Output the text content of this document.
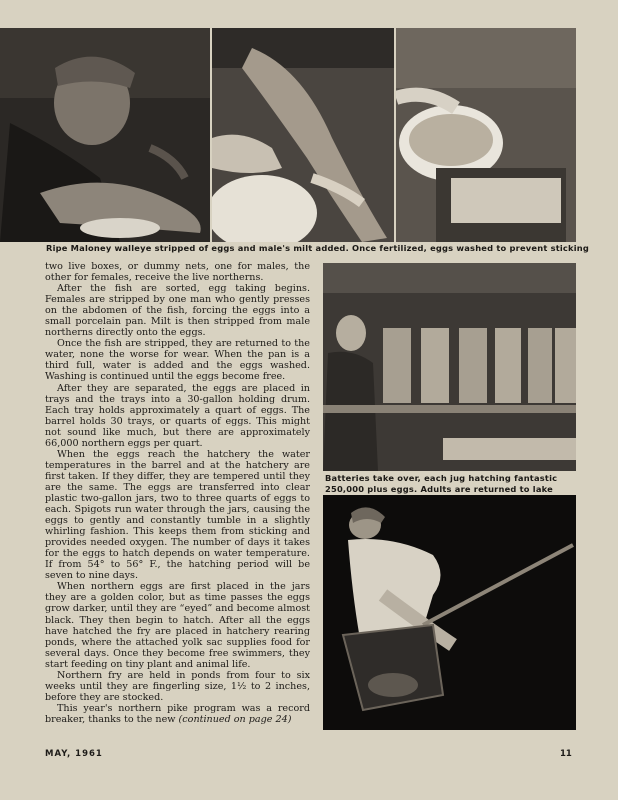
Ripe Maloney walleye stripped of eggs and male's milt added. Once fertilized, eggs washed to prevent sticking

two live boxes, or dummy nets, one for males, the other for females, receive the live northerns.

After the fish are sorted, egg taking begins. Females are stripped by one man who gently presses on the abdomen of the fish, forcing the eggs into a small porcelain pan. Milt is then stripped from male northerns directly onto the eggs.

Once the fish are stripped, they are returned to the water, none the worse for wear. When the pan is a third full, water is added and the eggs washed. Washing is continued until the eggs become free.

After they are separated, the eggs are placed in trays and the trays into a 30-gallon holding drum. Each tray holds approximately a quart of eggs. The barrel holds 30 trays, or quarts of eggs. This might not sound like much, but there are approximately 66,000 northern eggs per quart.

When the eggs reach the hatchery the water temperatures in the barrel and at the hatchery are first taken. If they differ, they are tempered until they are the same. The eggs are transferred into clear plastic two-gallon jars, two to three quarts of eggs to each. Spigots run water through the jars, causing the eggs to gently and constantly tumble in a slightly whirling fashion. This keeps them from sticking and provides needed oxygen. The number of days it takes for the eggs to hatch depends on water temperature. If from 54° to 56° F., the hatching period will be seven to nine days.

When northern eggs are first placed in the jars they are a golden color, but as time passes the eggs grow darker, until they are “eyed” and become almost black. They then begin to hatch. After all the eggs have hatched the fry are placed in hatchery rearing ponds, where the attached yolk sac supplies food for several days. Once they become free swimmers, they start feeding on tiny plant and animal life.

Northern fry are held in ponds from four to six weeks until they are fingerling size, 1½ to 2 inches, before they are stocked.

This year's northern pike program was a record breaker, thanks to the new (continued on page 24)

Batteries take over, each jug hatching fantastic 250,000 plus eggs. Adults are returned to lake
MAY, 1961	11
